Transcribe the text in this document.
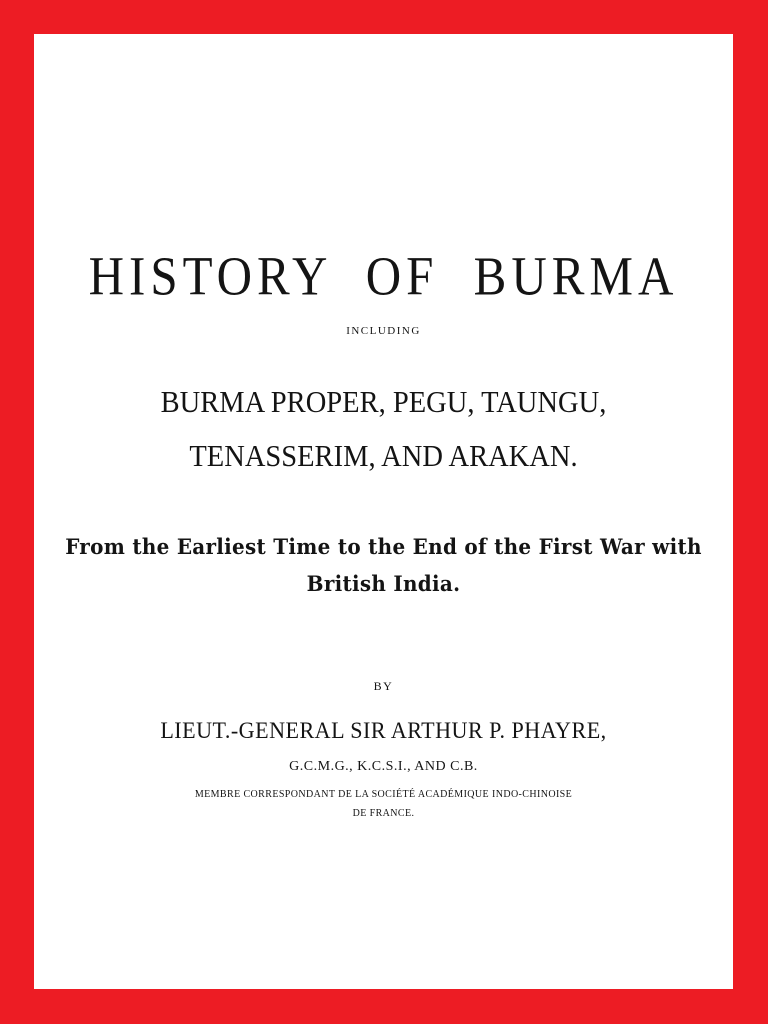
HISTORY OF BURMA
INCLUDING
BURMA PROPER, PEGU, TAUNGU,
TENASSERIM, AND ARAKAN.
From the Earliest Time to the End of the First War with
British India.
BY
LIEUT.-GENERAL SIR ARTHUR P. PHAYRE,
G.C.M.G., K.C.S.I., AND C.B.
MEMBRE CORRESPONDANT DE LA SOCIÉTÉ ACADÉMIQUE INDO-CHINOISE
DE FRANCE.
